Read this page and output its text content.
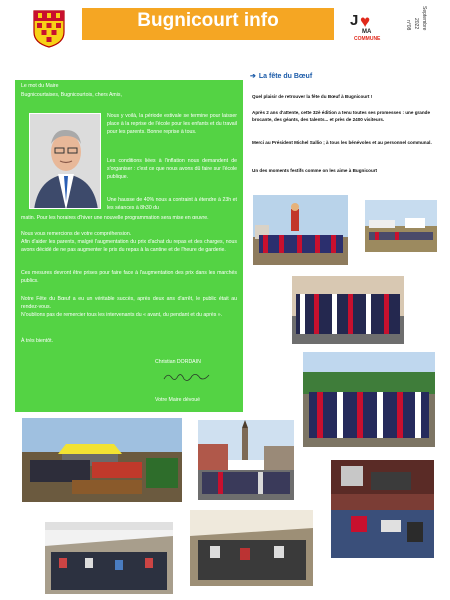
Bugnicourt info	J ♥
MA
COMMUNE
Septembre
2022
n°08

Le mot du Maire

Bugnicourtaises, Bugnicourtois, chers Amis,

Nous y voilà, la période estivale se termine pour laisser place à la reprise de l'école pour les enfants et du travail pour les parents. Bonne reprise à tous.

Les conditions liées à l'inflation nous demandent de s'organiser : c'est ce que nous avons dû faire sur l'école publique.

Une hausse de 40% nous a contraint à étendre à 23h et les séances à 8h30 du

matin. Pour les horaires d'hiver une nouvelle programmation sera mise en œuvre.

Nous vous remercions de votre compréhension.

Afin d'aider les parents, malgré l'augmentation du prix d'achat du repas et des charges, nous avons décidé de ne pas augmenter le prix du repas à la cantine et de l'heure de garderie.

Ces mesures devront être prises pour faire face à l'augmentation des prix dans les marchés publics.

Notre Fête du Bœuf a eu un véritable succès, après deux ans d'arrêt, le public était au rendez-vous.

N'oublions pas de remercier tous les intervenants du « avant, du pendant et du après ».

À très bientôt.

Christian DORDAIN

Votre Maire dévoué

➔ La fête du Bœuf
Quel plaisir de retrouver la fête du Bœuf à Bugnicourt !
Après 2 ans d'attente, cette 32è édition a tenu toutes ses promesses : une grande brocante, des géants, des talents... et près de 2400 visiteurs.
Merci au Président Michel Sallio ; à tous les bénévoles et au personnel communal.
Un des moments festifs comme on les aime à Bugnicourt
